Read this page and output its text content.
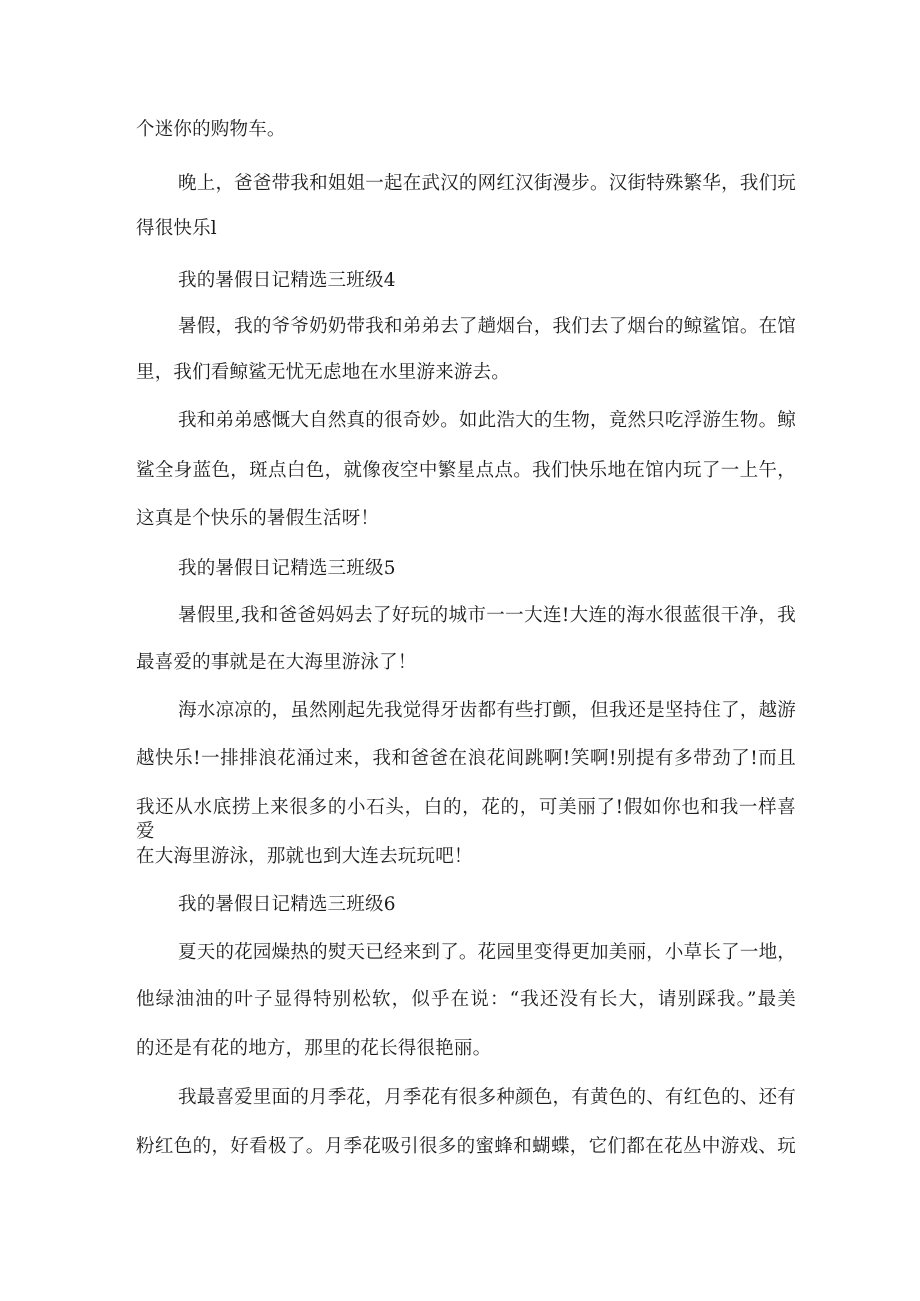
个迷你的购物车。
晚上，爸爸带我和姐姐一起在武汉的网红汉街漫步。汉街特殊繁华，我们玩
得很快乐l
我的暑假日记精选三班级4
暑假，我的爷爷奶奶带我和弟弟去了趟烟台，我们去了烟台的鲸鲨馆。在馆
里，我们看鲸鲨无忧无虑地在水里游来游去。
我和弟弟感慨大自然真的很奇妙。如此浩大的生物，竟然只吃浮游生物。鲸
鲨全身蓝色，斑点白色，就像夜空中繁星点点。我们快乐地在馆内玩了一上午，
这真是个快乐的暑假生活呀！
我的暑假日记精选三班级5
暑假里,我和爸爸妈妈去了好玩的城市一一大连!大连的海水很蓝很干净，我
最喜爱的事就是在大海里游泳了！
海水凉凉的，虽然刚起先我觉得牙齿都有些打颤，但我还是坚持住了，越游
越快乐!一排排浪花涌过来，我和爸爸在浪花间跳啊!笑啊!别提有多带劲了!而且
我还从水底捞上来很多的小石头，白的，花的，可美丽了!假如你也和我一样喜爱
在大海里游泳，那就也到大连去玩玩吧！
我的暑假日记精选三班级6
夏天的花园燥热的熨天已经来到了。花园里变得更加美丽，小草长了一地，
他绿油油的叶子显得特别松软，似乎在说：“我还没有长大，请别踩我。”最美
的还是有花的地方，那里的花长得很艳丽。
我最喜爱里面的月季花，月季花有很多种颜色，有黄色的、有红色的、还有
粉红色的，好看极了。月季花吸引很多的蜜蜂和蝴蝶，它们都在花丛中游戏、玩
